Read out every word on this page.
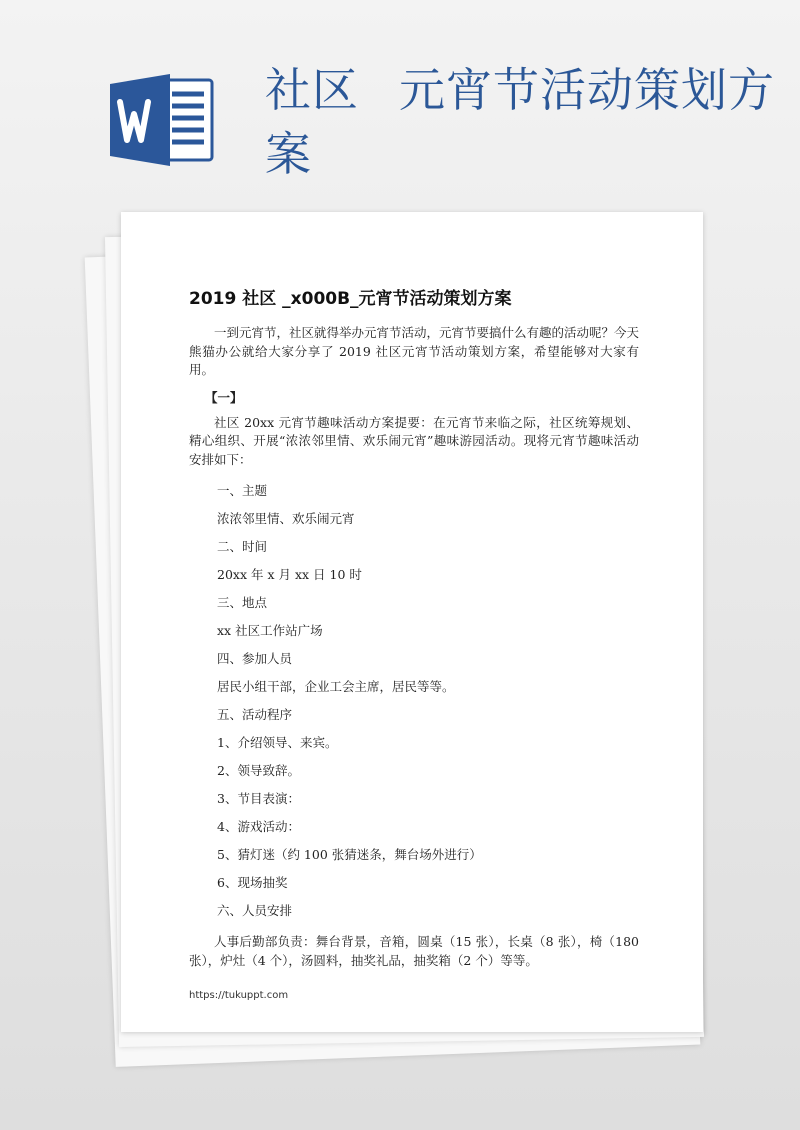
社区 元宵节活动策划方案
2019 社区 _x000B_元宵节活动策划方案

一到元宵节，社区就得举办元宵节活动，元宵节要搞什么有趣的活动呢？今天熊猫办公就给大家分享了 2019 社区元宵节活动策划方案，希望能够对大家有用。

【一】

社区 20xx 元宵节趣味活动方案提要：在元宵节来临之际，社区统筹规划、精心组织、开展“浓浓邻里情、欢乐闹元宵”趣味游园活动。现将元宵节趣味活动安排如下：

一、主题

浓浓邻里情、欢乐闹元宵

二、时间

20xx 年 x 月 xx 日 10 时

三、地点

xx 社区工作站广场

四、参加人员

居民小组干部，企业工会主席，居民等等。

五、活动程序

1、介绍领导、来宾。

2、领导致辞。

3、节目表演：

4、游戏活动：

5、猜灯迷（约 100 张猜迷条，舞台场外进行）

6、现场抽奖

六、人员安排

人事后勤部负责：舞台背景，音箱，圆桌（15 张），长桌（8 张），椅（180 张），炉灶（4 个），汤圆料，抽奖礼品，抽奖箱（2 个）等等。

https://tukuppt.com
